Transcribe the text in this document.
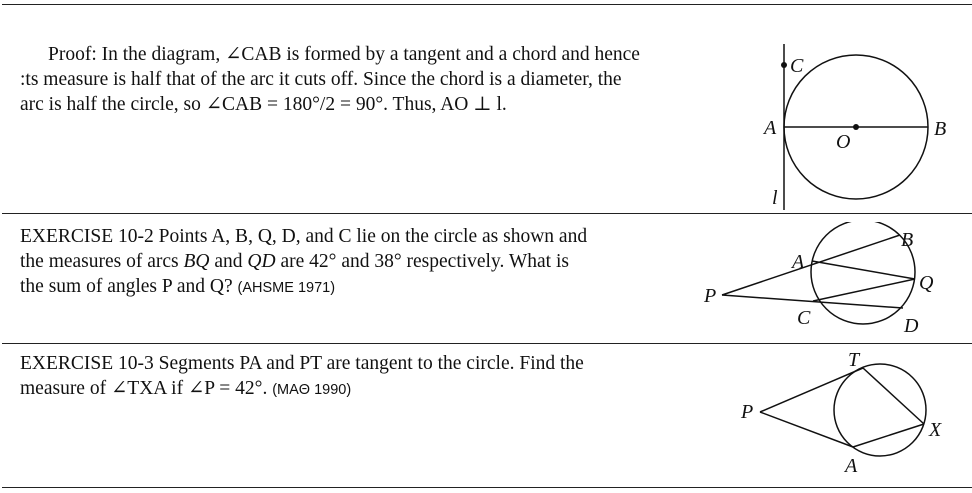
Proof: In the diagram, ∠CAB is formed by a tangent and a chord and hence

:ts measure is half that of the arc it cuts off. Since the chord is a diameter, the

arc is half the circle, so ∠CAB = 180°/2 = 90°. Thus, AO ⊥ l.

EXERCISE 10-2 Points A, B, Q, D, and C lie on the circle as shown and

the measures of arcs BQ and QD are 42° and 38° respectively. What is

the sum of angles P and Q? (AHSME 1971)

EXERCISE 10-3 Segments PA and PT are tangent to the circle. Find the

measure of ∠TXA if ∠P = 42°. (MAΘ 1990)

C
A
O
B
l
A
B
P
Q
C	D
T
P
X
A
